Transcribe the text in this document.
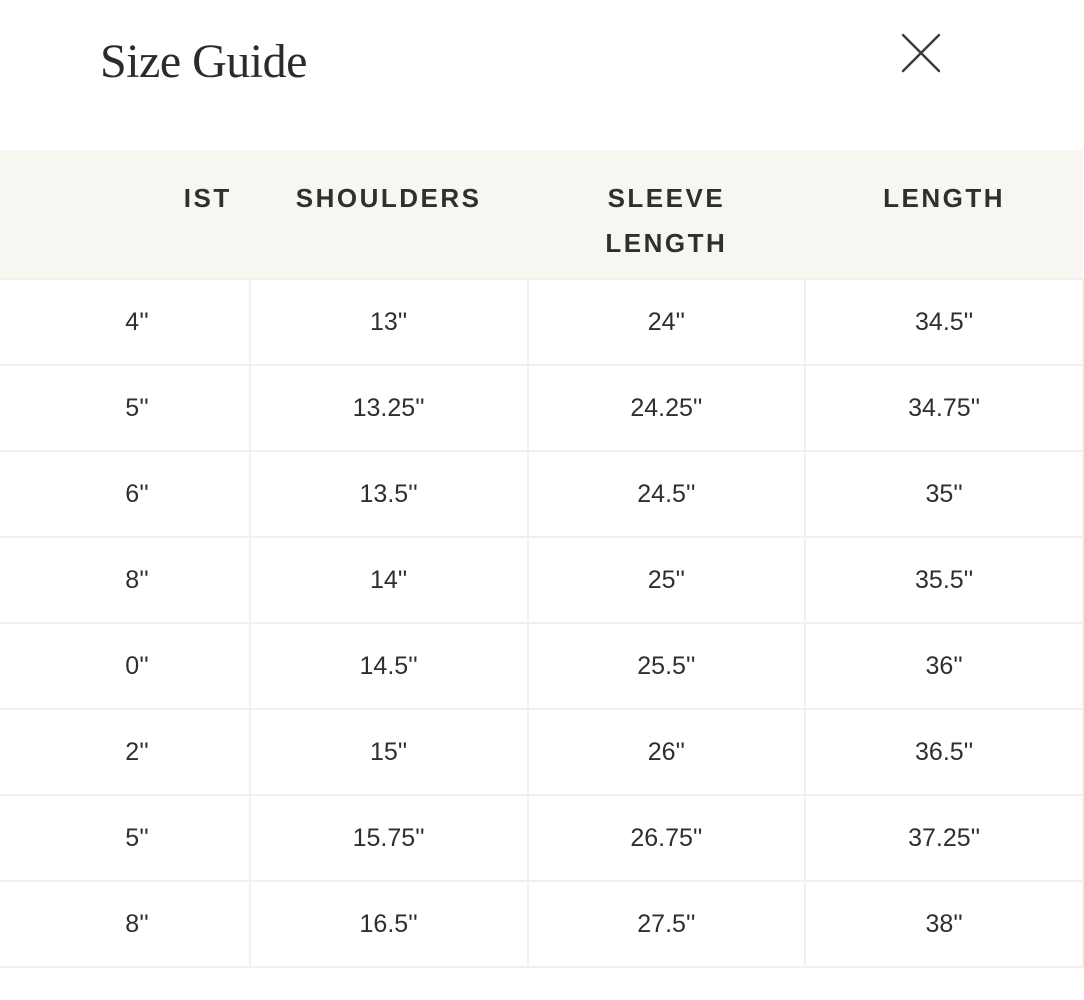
Size Guide
IST	SHOULDERS	SLEEVE LENGTH	LENGTH
4''	13''	24''	34.5''
5''	13.25''	24.25''	34.75''
6''	13.5''	24.5''	35''
8''	14''	25''	35.5''
0''	14.5''	25.5''	36''
2''	15''	26''	36.5''
5''	15.75''	26.75''	37.25''
8''	16.5''	27.5''	38''
